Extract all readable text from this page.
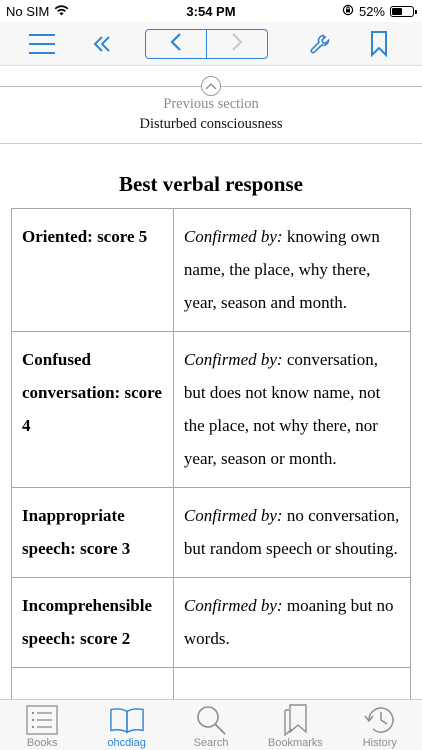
No SIM	3:54 PM	52%
Previous section
Disturbed consciousness
Best verbal response
Oriented: score 5	Confirmed by: knowing own name, the place, why there, year, season and month.
Confused conversation: score 4	Confirmed by: conversation, but does not know name, not the place, not why there, nor year, season or month.
Inappropriate speech: score 3	Confirmed by: no conversation, but random speech or shouting.
Incomprehensible speech: score 2	Confirmed by: moaning but no words.

Books	ohcdiag	Search	Bookmarks	History
